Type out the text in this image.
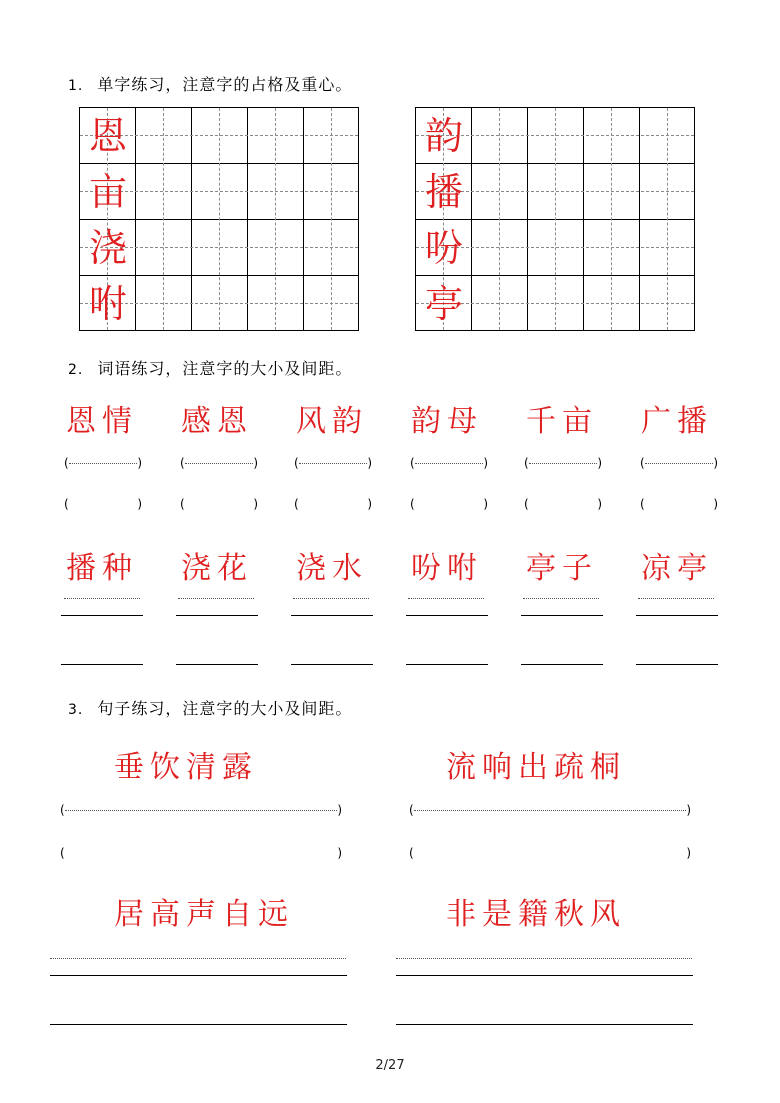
1. 单字练习，注意字的占格及重心。
恩
亩
浇
咐
韵
播
吩
亭
2. 词语练习，注意字的大小及间距。
恩情 感恩 风韵 韵母 千亩 广播
(	)	(	)	(	)	(	)	(	)	(	)
(	)	(	)	(	)	(	)	(	)	(	)
播种 浇花 浇水 吩咐 亭子 凉亭
3. 句子练习，注意字的大小及间距。
垂饮清露	流响出疏桐
(	)	(	)
(	)	(	)
居高声自远	非是籍秋风
2/27
